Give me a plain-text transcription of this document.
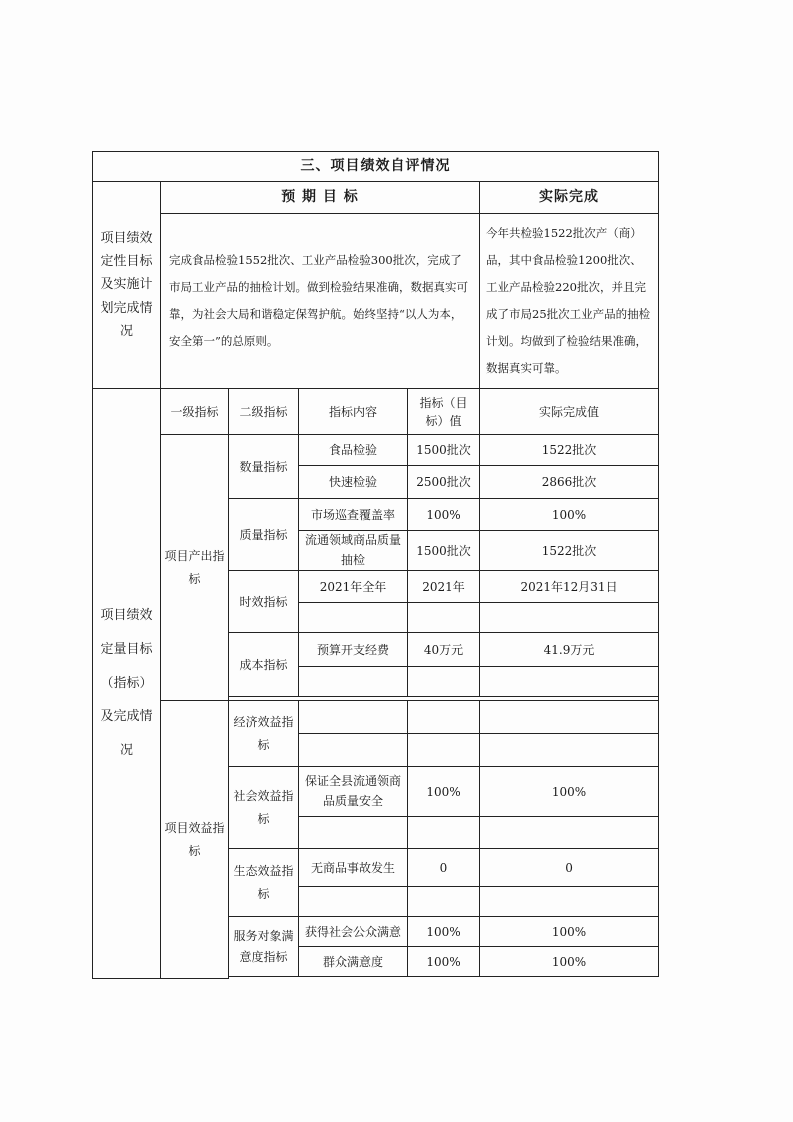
三、项目绩效自评情况					
项目绩效定性目标及实施计划完成情况	预 期 目 标				实际完成
	完成食品检验1552批次、工业产品检验300批次，完成了市局工业产品的抽检计划。做到检验结果准确，数据真实可靠，为社会大局和谐稳定保驾护航。始终坚持“以人为本，安全第一”的总原则。				今年共检验1522批次产（商）品，其中食品检验1200批次、工业产品检验220批次，并且完成了市局25批次工业产品的抽检计划。均做到了检验结果准确，数据真实可靠。
项目绩效定量目标（指标）及完成情况	一级指标	二级指标	指标内容	指标（目标）值	实际完成值
	项目产出指标	数量指标	食品检验	1500批次	1522批次
			快速检验	2500批次	2866批次
		质量指标	市场巡查覆盖率	100%	100%
			流通领域商品质量抽检	1500批次	1522批次
		时效指标	2021年全年	2021年	2021年12月31日

		成本指标	预算开支经费	40万元	41.9万元

	项目效益指标	经济效益指标			

		社会效益指标	保证全县流通领商品质量安全	100%	100%

		生态效益指标	无商品事故发生	0	0

		服务对象满意度指标	获得社会公众满意	100%	100%
			群众满意度	100%	100%
